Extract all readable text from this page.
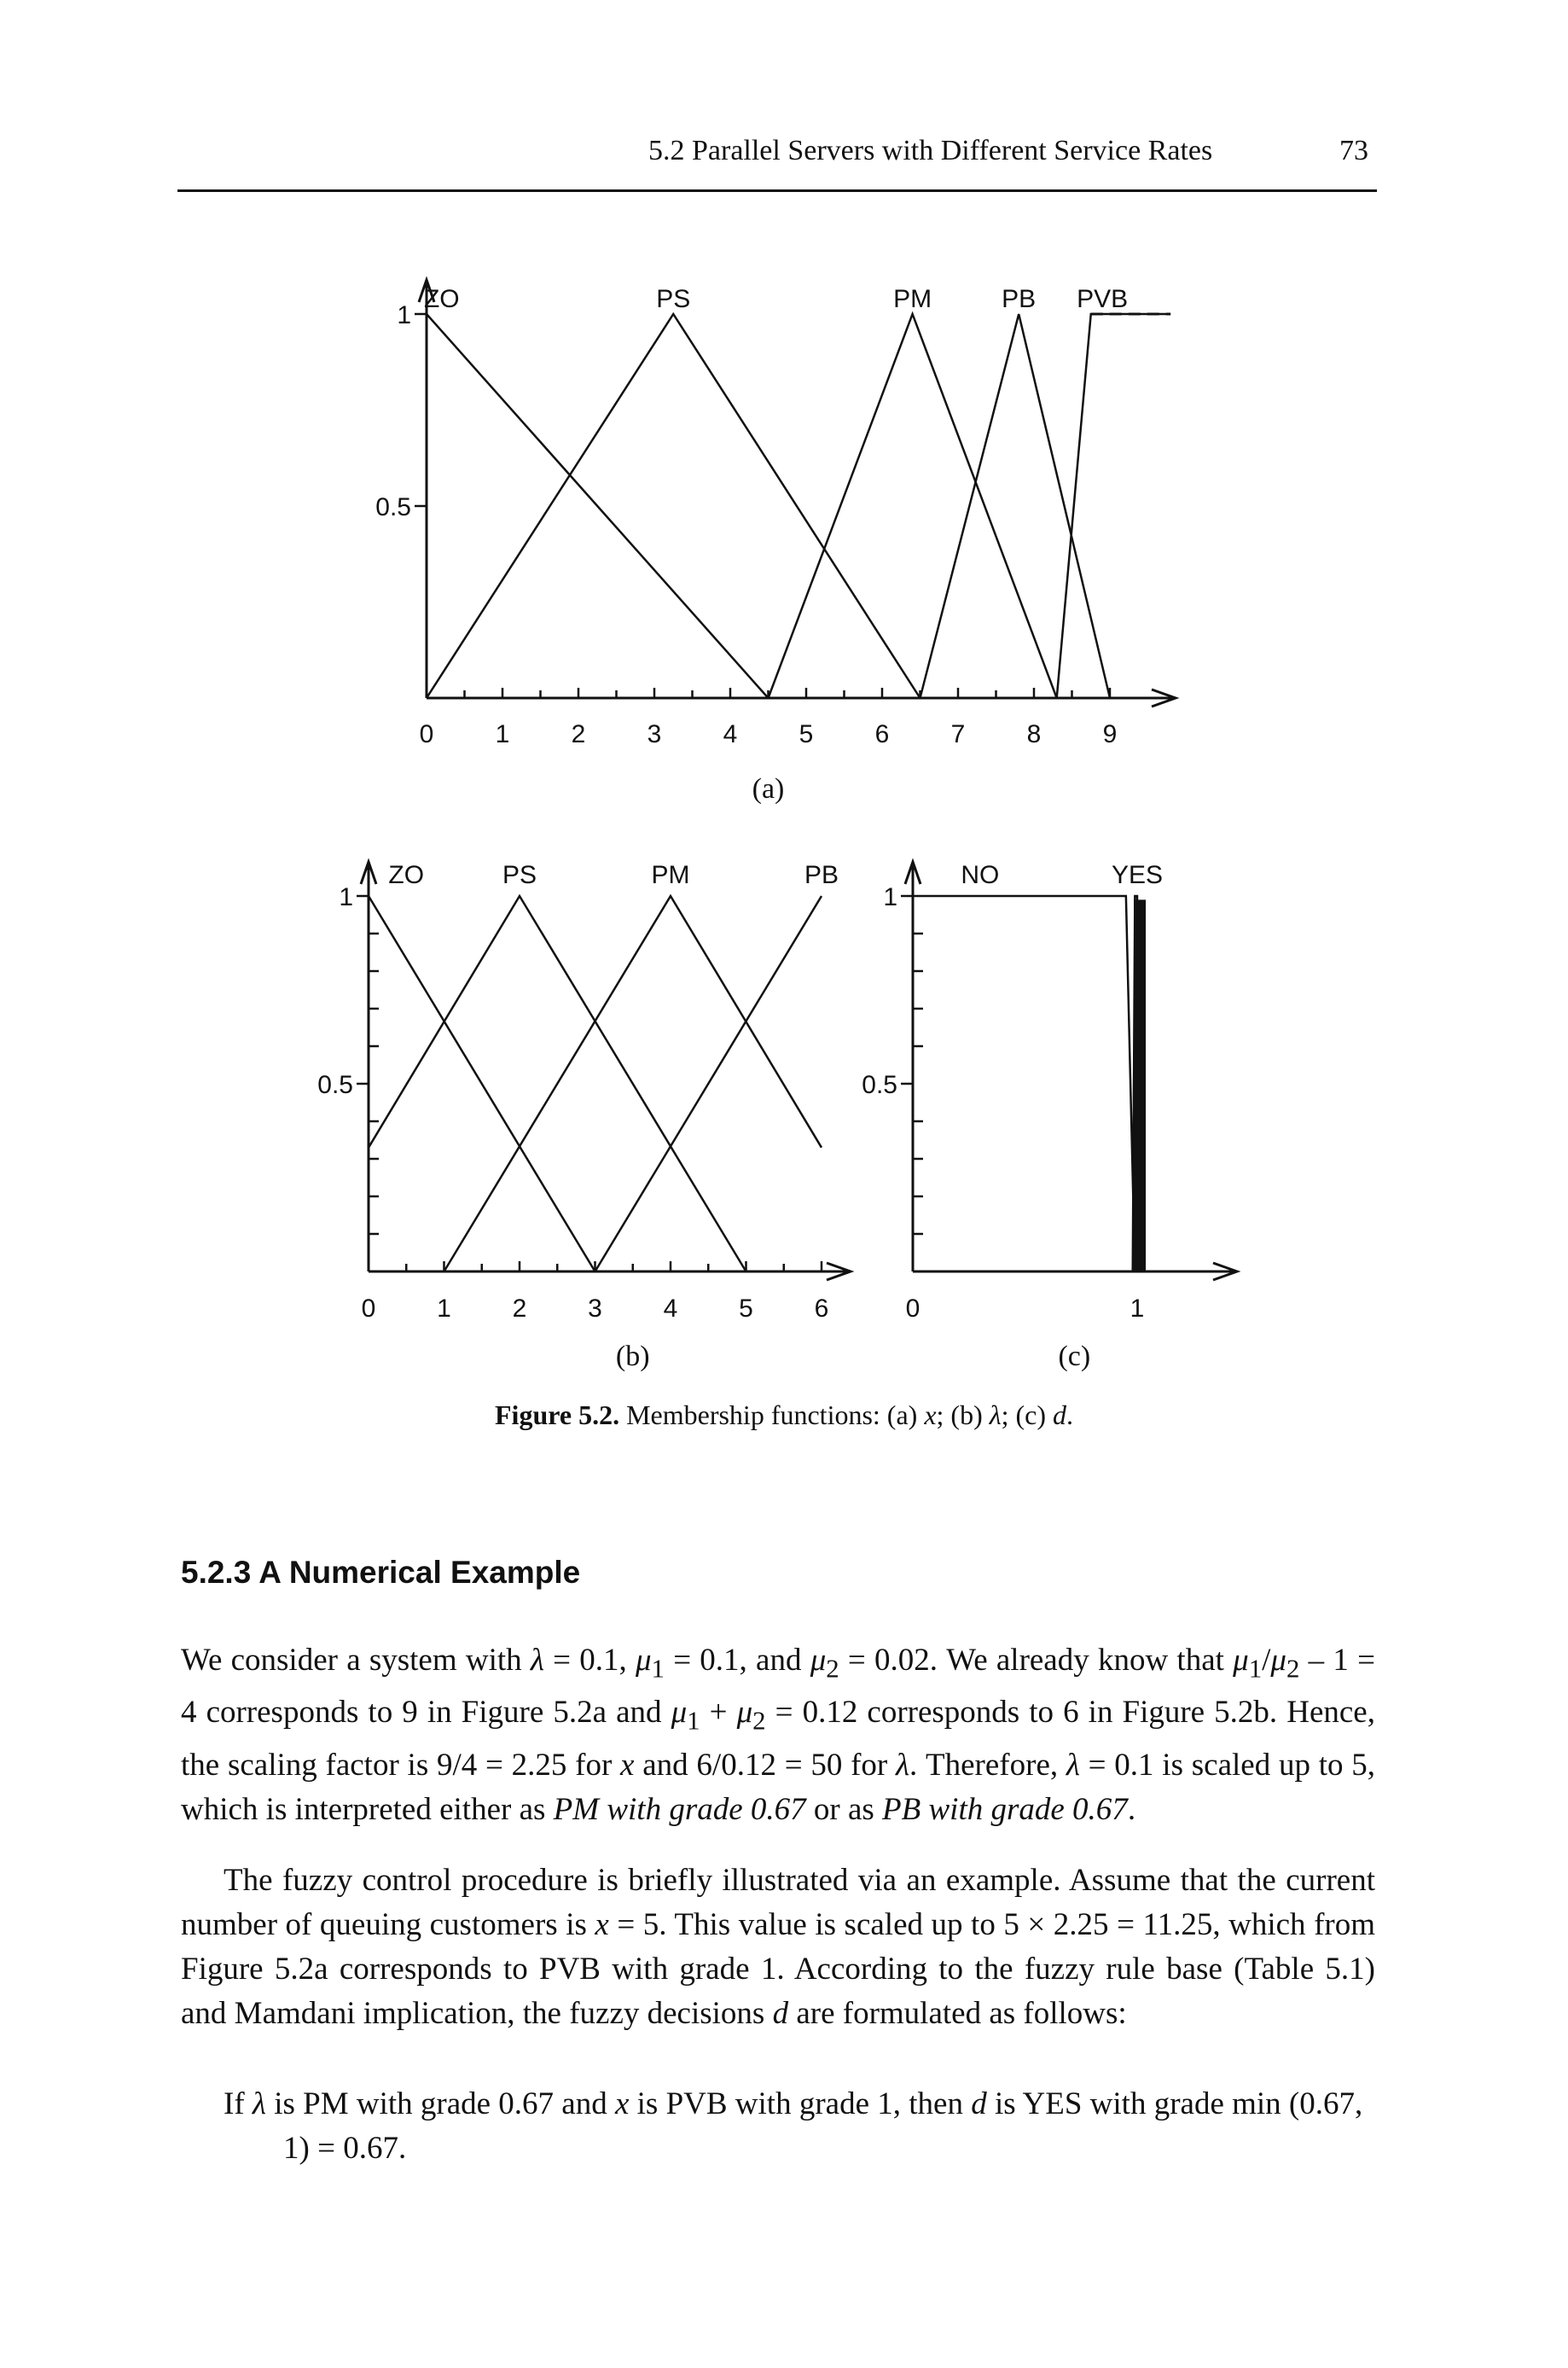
5.2 Parallel Servers with Different Service Rates	73
0 1 2 3 4 5 6 7 8 9
0.5
1
ZO	PS	PM	PB PVB
(a)
0 1 2 3 4 5 6
0.5
1
ZO	PS	PM	PB
(b)
0	1
0.5
1
NO	YES
(c)
Figure 5.2. Membership functions: (a) x; (b) λ; (c) d.
5.2.3 A Numerical Example

We consider a system with λ = 0.1, $\mu_1 = 0.1$, and $\mu_2 = 0.02$. We already know that $\mu_1/\mu_2 - 1 = 4$ corresponds to 9 in Figure 5.2a and $\mu_1 + \mu_2 = 0.12$ corresponds to 6 in Figure 5.2b. Hence, the scaling factor is 9/4 = 2.25 for x and 6/0.12 = 50 for λ. Therefore, λ = 0.1 is scaled up to 5, which is interpreted either as PM with grade 0.67 or as PB with grade 0.67.

The fuzzy control procedure is briefly illustrated via an example. Assume that the current number of queuing customers is x = 5. This value is scaled up to 5 × 2.25 = 11.25, which from Figure 5.2a corresponds to PVB with grade 1. According to the fuzzy rule base (Table 5.1) and Mamdani implication, the fuzzy decisions d are formulated as follows:

If λ is PM with grade 0.67 and x is PVB with grade 1, then d is YES with grade min (0.67, 1) = 0.67.
